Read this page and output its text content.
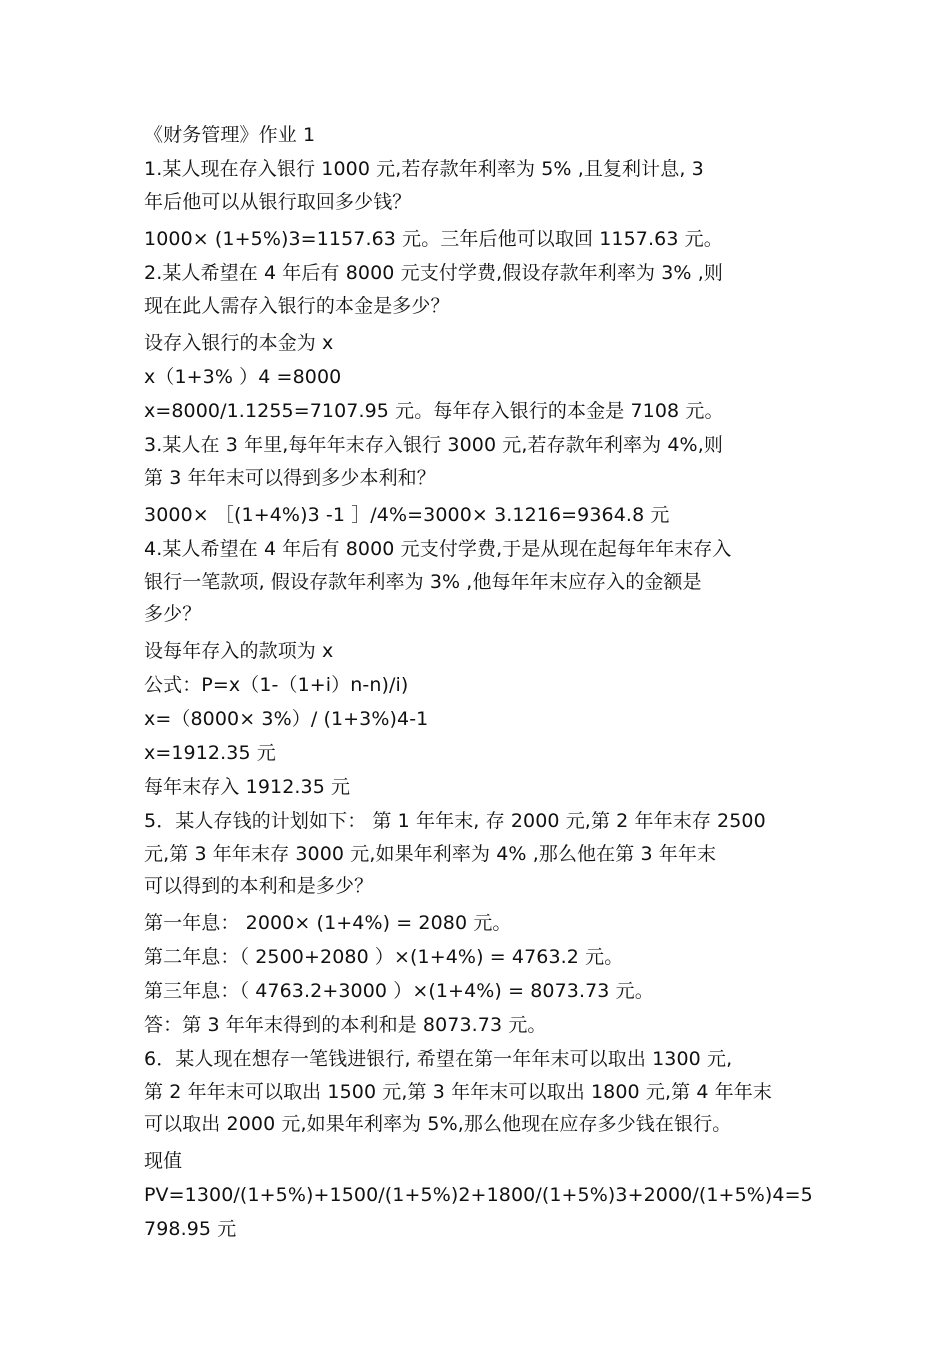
《财务管理》作业 1
1.某人现在存入银行 1000 元,若存款年利率为 5% ,且复利计息, 3
年后他可以从银行取回多少钱？
1000× (1+5%)3=1157.63 元。三年后他可以取回 1157.63 元。
2.某人希望在 4 年后有 8000 元支付学费,假设存款年利率为 3% ,则
现在此人需存入银行的本金是多少？
设存入银行的本金为 x
x（1+3% ）4 =8000
x=8000/1.1255=7107.95 元。每年存入银行的本金是 7108 元。
3.某人在 3 年里,每年年末存入银行 3000 元,若存款年利率为 4%,则
第 3 年年末可以得到多少本利和？
3000× ［(1+4%)3 -1 ］/4%=3000× 3.1216=9364.8 元
4.某人希望在 4 年后有 8000 元支付学费,于是从现在起每年年末存入
银行一笔款项, 假设存款年利率为 3% ,他每年年末应存入的金额是
多少？
设每年存入的款项为 x
公式：P=x（1-（1+i）n-n)/i)
x=（8000× 3%）/ (1+3%)4-1
x=1912.35 元
每年末存入 1912.35 元
5．某人存钱的计划如下： 第 1 年年末, 存 2000 元,第 2 年年末存 2500
元,第 3 年年末存 3000 元,如果年利率为 4% ,那么他在第 3 年年末
可以得到的本利和是多少？
第一年息： 2000× (1+4%) = 2080 元。
第二年息：（ 2500+2080 ）×(1+4%) = 4763.2 元。
第三年息：（ 4763.2+3000 ）×(1+4%) = 8073.73 元。
答：第 3 年年末得到的本利和是 8073.73 元。
6．某人现在想存一笔钱进银行, 希望在第一年年末可以取出 1300 元,
第 2 年年末可以取出 1500 元,第 3 年年末可以取出 1800 元,第 4 年年末
可以取出 2000 元,如果年利率为 5%,那么他现在应存多少钱在银行。
现值
PV=1300/(1+5%)+1500/(1+5%)2+1800/(1+5%)3+2000/(1+5%)4=5
798.95 元
